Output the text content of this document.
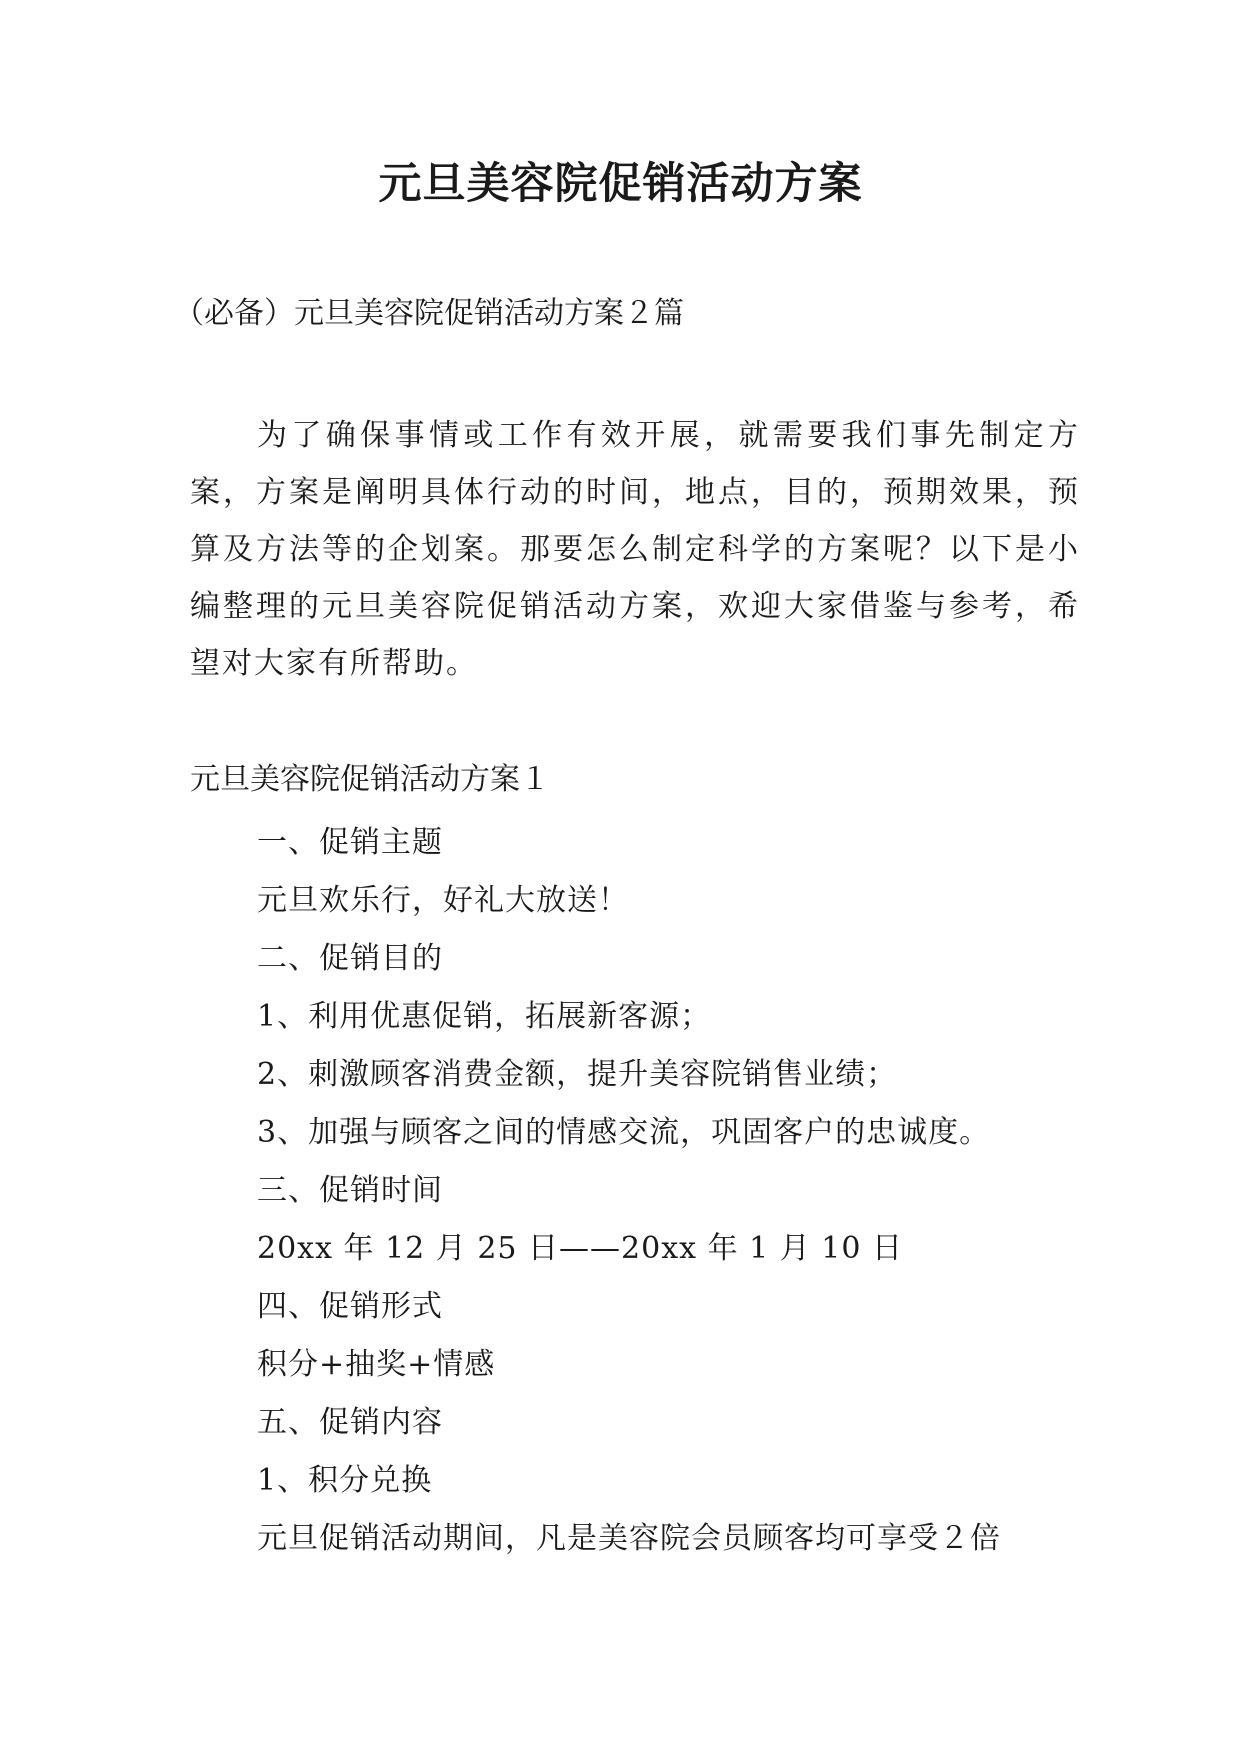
元旦美容院促销活动方案
（必备）元旦美容院促销活动方案２篇
为了确保事情或工作有效开展，就需要我们事先制定方案，方案是阐明具体行动的时间，地点，目的，预期效果，预算及方法等的企划案。那要怎么制定科学的方案呢？以下是小编整理的元旦美容院促销活动方案，欢迎大家借鉴与参考，希望对大家有所帮助。
元旦美容院促销活动方案１
一、促销主题
元旦欢乐行，好礼大放送！
二、促销目的
1、利用优惠促销，拓展新客源；
2、刺激顾客消费金额，提升美容院销售业绩；
3、加强与顾客之间的情感交流，巩固客户的忠诚度。
三、促销时间
20xx 年 12 月 25 日——20xx 年 1 月 10 日
四、促销形式
积分+抽奖+情感
五、促销内容
1、积分兑换
元旦促销活动期间，凡是美容院会员顾客均可享受２倍
